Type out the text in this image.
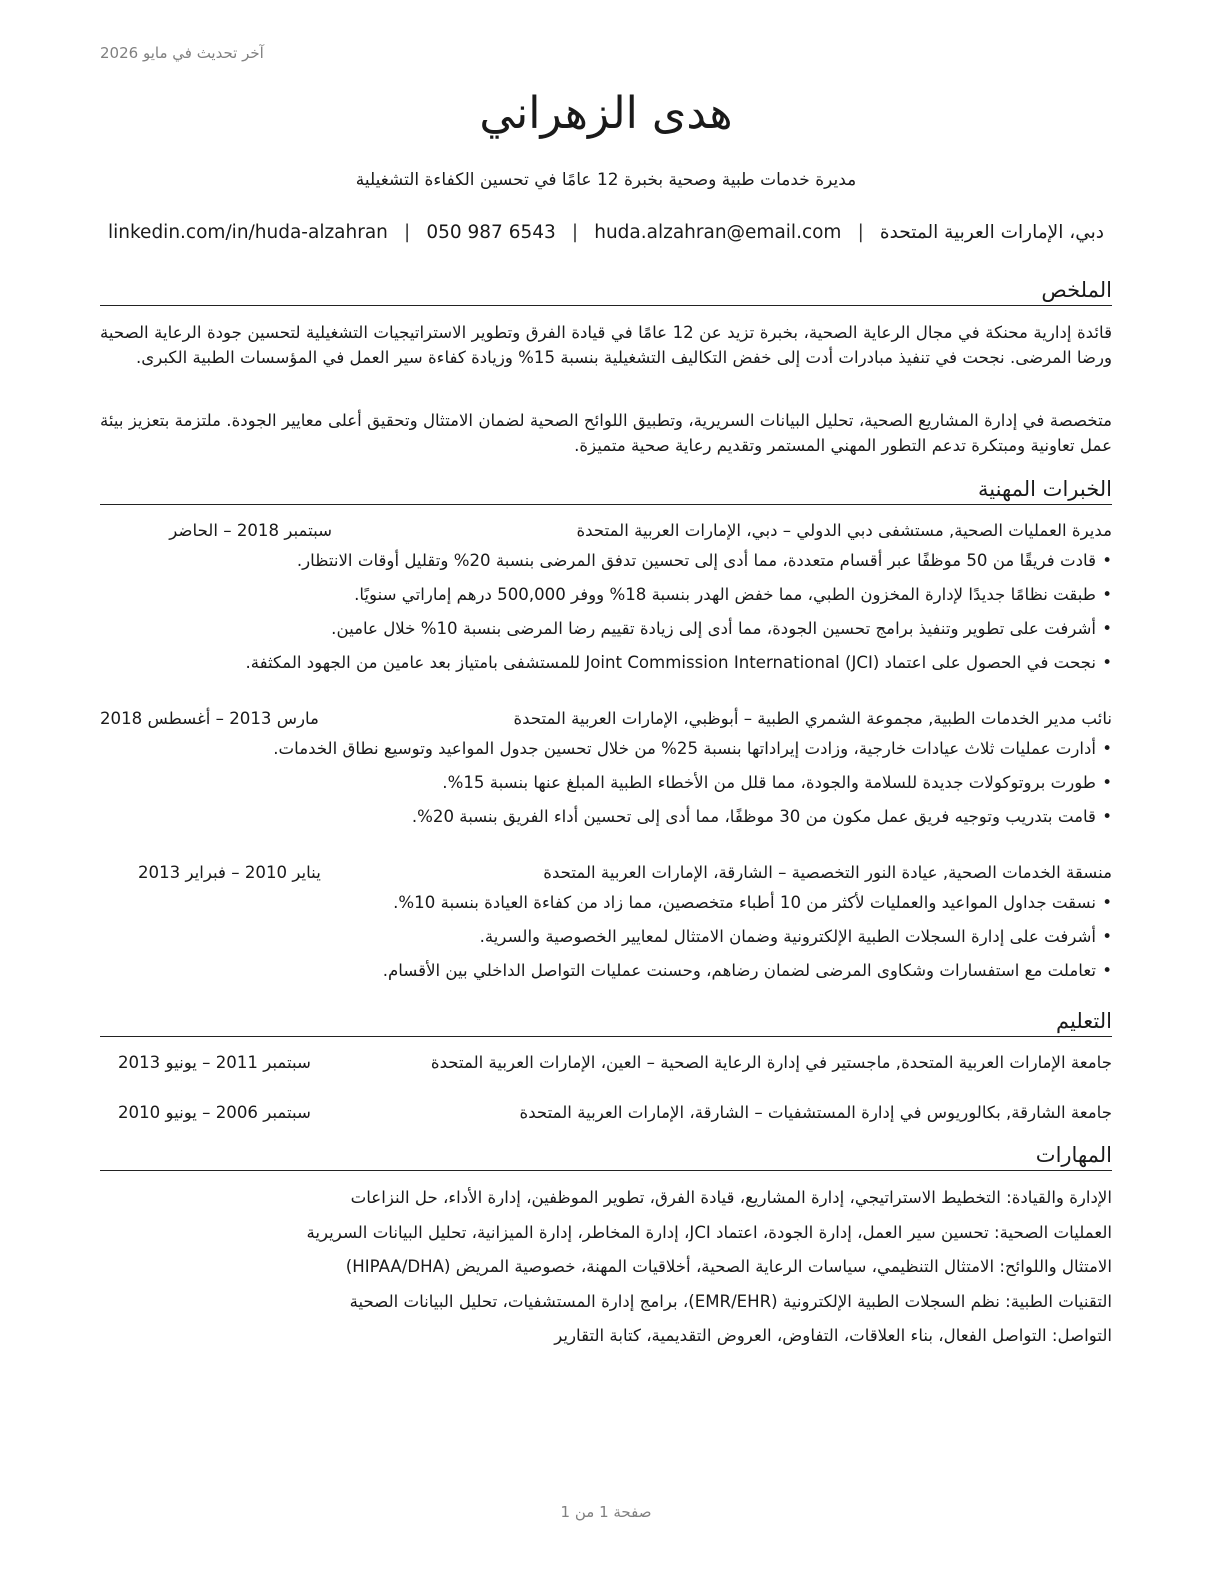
آخر تحديث في مايو 2026
هدى الزهراني
مديرة خدمات طبية وصحية بخبرة 12 عامًا في تحسين الكفاءة التشغيلية
دبي، الإمارات العربية المتحدة
|
huda.alzahran@email.com
|
050 987 6543
|
linkedin.com/in/huda-alzahran
الملخص
قائدة إدارية محنكة في مجال الرعاية الصحية، بخبرة تزيد عن 12 عامًا في قيادة الفرق وتطوير الاستراتيجيات التشغيلية لتحسين جودة الرعاية الصحية ورضا المرضى. نجحت في تنفيذ مبادرات أدت إلى خفض التكاليف التشغيلية بنسبة 15% وزيادة كفاءة سير العمل في المؤسسات الطبية الكبرى.
متخصصة في إدارة المشاريع الصحية، تحليل البيانات السريرية، وتطبيق اللوائح الصحية لضمان الامتثال وتحقيق أعلى معايير الجودة. ملتزمة بتعزيز بيئة عمل تعاونية ومبتكرة تدعم التطور المهني المستمر وتقديم رعاية صحية متميزة.
الخبرات المهنية
مديرة العمليات الصحية, مستشفى دبي الدولي – دبي، الإمارات العربية المتحدة
سبتمبر 2018 – الحاضر
• قادت فريقًا من 50 موظفًا عبر أقسام متعددة، مما أدى إلى تحسين تدفق المرضى بنسبة 20% وتقليل أوقات الانتظار.
• طبقت نظامًا جديدًا لإدارة المخزون الطبي، مما خفض الهدر بنسبة 18% ووفر 500,000 درهم إماراتي سنويًا.
• أشرفت على تطوير وتنفيذ برامج تحسين الجودة، مما أدى إلى زيادة تقييم رضا المرضى بنسبة 10% خلال عامين.
• نجحت في الحصول على اعتماد Joint Commission International (JCI) للمستشفى بامتياز بعد عامين من الجهود المكثفة.
نائب مدير الخدمات الطبية, مجموعة الشمري الطبية – أبوظبي، الإمارات العربية المتحدة
مارس 2013 – أغسطس 2018
• أدارت عمليات ثلاث عيادات خارجية، وزادت إيراداتها بنسبة 25% من خلال تحسين جدول المواعيد وتوسيع نطاق الخدمات.
• طورت بروتوكولات جديدة للسلامة والجودة، مما قلل من الأخطاء الطبية المبلغ عنها بنسبة 15%.
• قامت بتدريب وتوجيه فريق عمل مكون من 30 موظفًا، مما أدى إلى تحسين أداء الفريق بنسبة 20%.
منسقة الخدمات الصحية, عيادة النور التخصصية – الشارقة، الإمارات العربية المتحدة
يناير 2010 – فبراير 2013
• نسقت جداول المواعيد والعمليات لأكثر من 10 أطباء متخصصين، مما زاد من كفاءة العيادة بنسبة 10%.
• أشرفت على إدارة السجلات الطبية الإلكترونية وضمان الامتثال لمعايير الخصوصية والسرية.
• تعاملت مع استفسارات وشكاوى المرضى لضمان رضاهم، وحسنت عمليات التواصل الداخلي بين الأقسام.
التعليم
جامعة الإمارات العربية المتحدة, ماجستير في إدارة الرعاية الصحية – العين، الإمارات العربية المتحدة
سبتمبر 2011 – يونيو 2013
جامعة الشارقة, بكالوريوس في إدارة المستشفيات – الشارقة، الإمارات العربية المتحدة
سبتمبر 2006 – يونيو 2010
المهارات
الإدارة والقيادة: التخطيط الاستراتيجي، إدارة المشاريع، قيادة الفرق، تطوير الموظفين، إدارة الأداء، حل النزاعات
العمليات الصحية: تحسين سير العمل، إدارة الجودة، اعتماد JCI، إدارة المخاطر، إدارة الميزانية، تحليل البيانات السريرية
الامتثال واللوائح: الامتثال التنظيمي، سياسات الرعاية الصحية، أخلاقيات المهنة، خصوصية المريض (HIPAA/DHA)
التقنيات الطبية: نظم السجلات الطبية الإلكترونية (EMR/EHR)، برامج إدارة المستشفيات، تحليل البيانات الصحية
التواصل: التواصل الفعال، بناء العلاقات، التفاوض، العروض التقديمية، كتابة التقارير
صفحة 1 من 1
